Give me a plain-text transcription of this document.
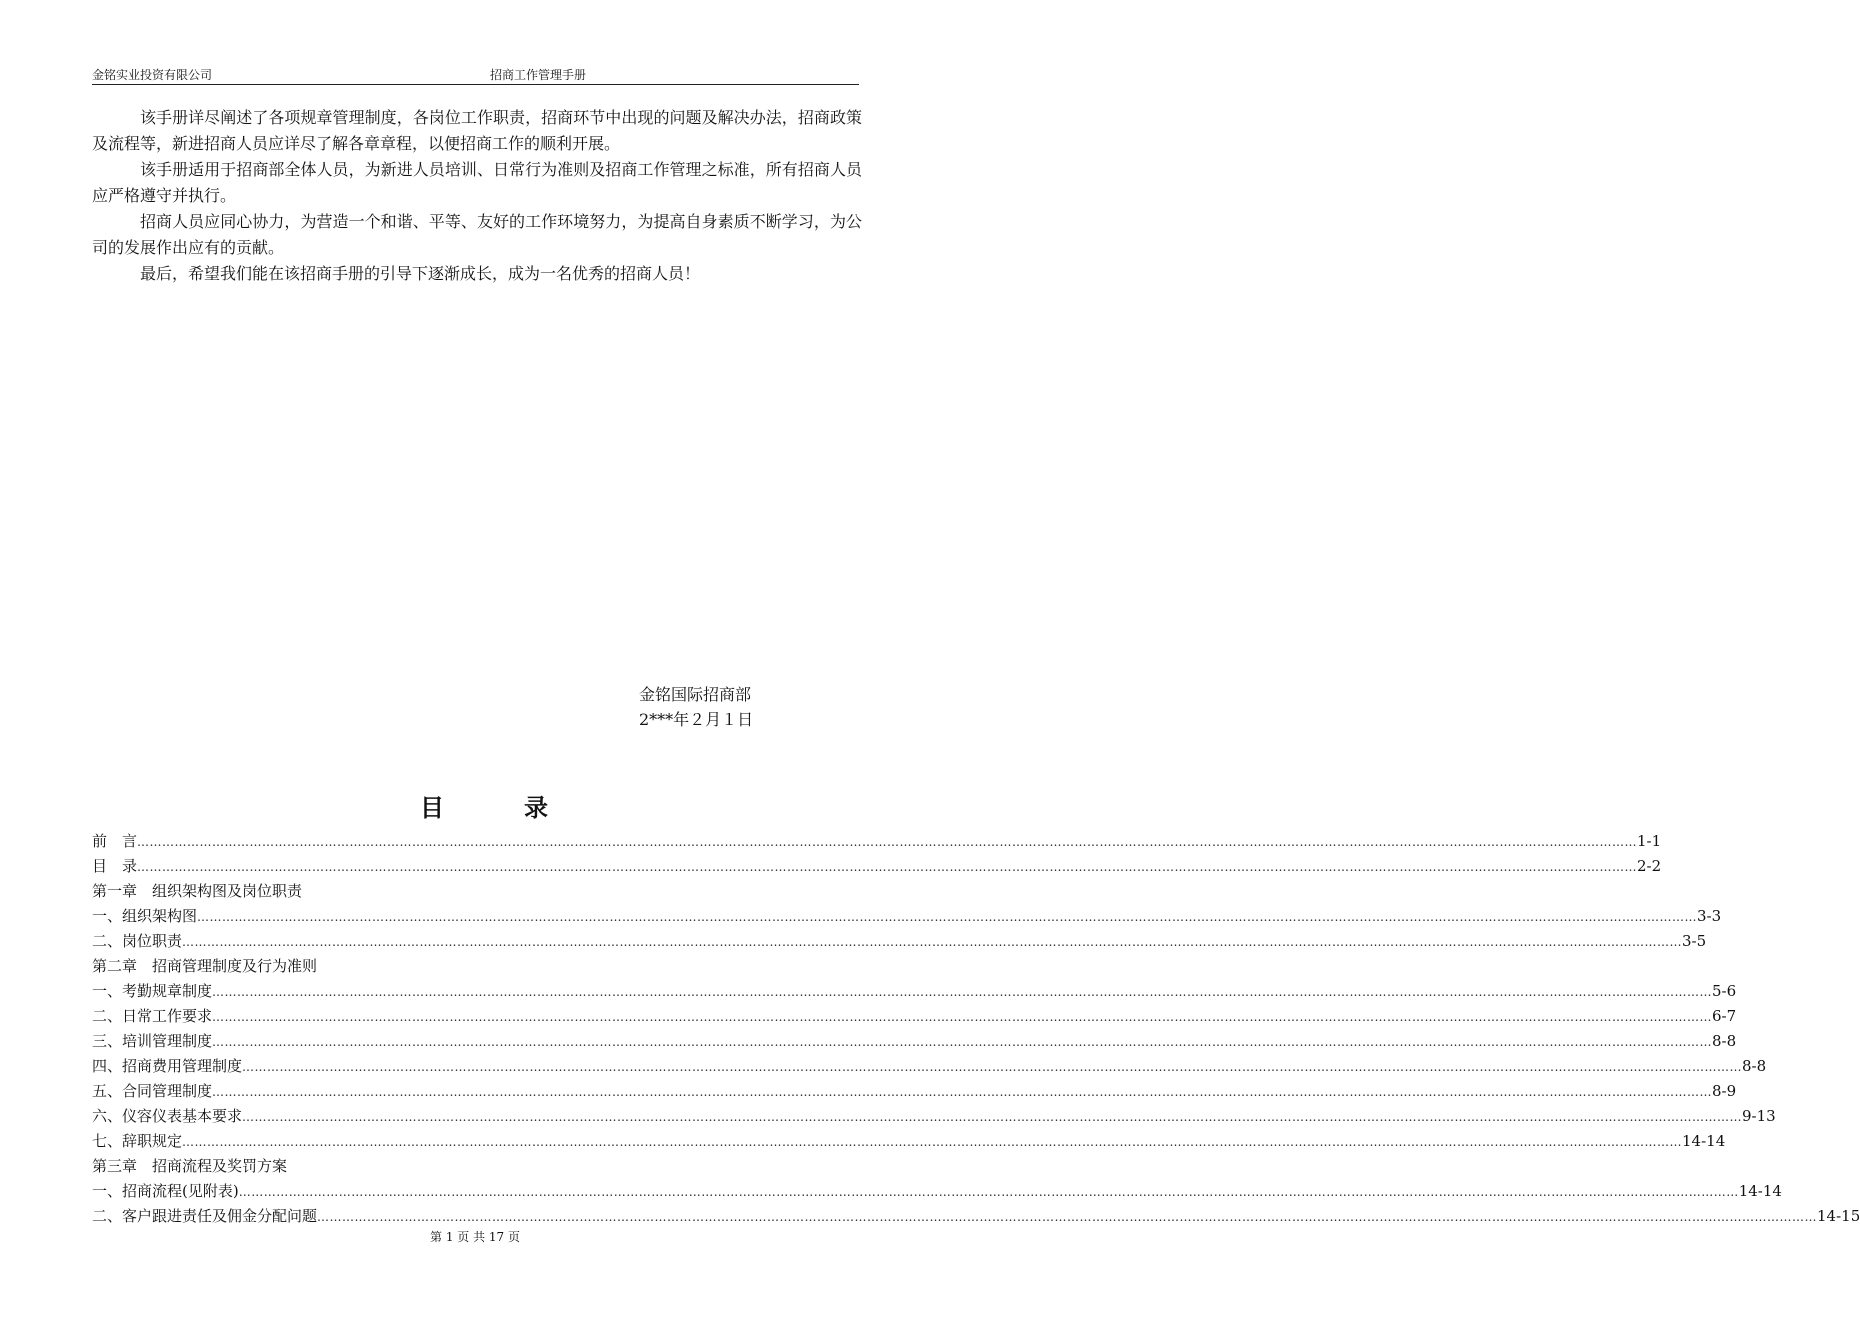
金铭实业投资有限公司	招商工作管理手册

该手册详尽阐述了各项规章管理制度，各岗位工作职责，招商环节中出现的问题及解决办法，招商政策及流程等，新进招商人员应详尽了解各章章程，以便招商工作的顺利开展。

该手册适用于招商部全体人员，为新进人员培训、日常行为准则及招商工作管理之标准，所有招商人员应严格遵守并执行。

招商人员应同心协力，为营造一个和谐、平等、友好的工作环境努力，为提高自身素质不断学习，为公司的发展作出应有的贡献。

最后，希望我们能在该招商手册的引导下逐渐成长，成为一名优秀的招商人员！

金铭国际招商部
2***年２月１日
目　录
前　言 ……………………………………………………………………………………………………………………………………………………………………………………………………………………………………………………………………………………………………………………………… 1-1
目　录 ……………………………………………………………………………………………………………………………………………………………………………………………………………………………………………………………………………………………………………………………… 2-2
第一章　组织架构图及岗位职责
一、组织架构图 ……………………………………………………………………………………………………………………………………………………………………………………………………………………………………………………………………………………………………………………………… 3-3
二、岗位职责 ……………………………………………………………………………………………………………………………………………………………………………………………………………………………………………………………………………………………………………………………… 3-5
第二章　招商管理制度及行为准则
一、考勤规章制度 ……………………………………………………………………………………………………………………………………………………………………………………………………………………………………………………………………………………………………………………………… 5-6
二、日常工作要求 ……………………………………………………………………………………………………………………………………………………………………………………………………………………………………………………………………………………………………………………………… 6-7
三、培训管理制度 ……………………………………………………………………………………………………………………………………………………………………………………………………………………………………………………………………………………………………………………………… 8-8
四、招商费用管理制度 ……………………………………………………………………………………………………………………………………………………………………………………………………………………………………………………………………………………………………………………………… 8-8
五、合同管理制度 ……………………………………………………………………………………………………………………………………………………………………………………………………………………………………………………………………………………………………………………………… 8-9
六、仪容仪表基本要求 ……………………………………………………………………………………………………………………………………………………………………………………………………………………………………………………………………………………………………………………………… 9-13
七、辞职规定 ……………………………………………………………………………………………………………………………………………………………………………………………………………………………………………………………………………………………………………………………… 14-14
第三章　招商流程及奖罚方案
一、招商流程(见附表) ……………………………………………………………………………………………………………………………………………………………………………………………………………………………………………………………………………………………………………………………… 14-14
二、客户跟进责任及佣金分配问题 ……………………………………………………………………………………………………………………………………………………………………………………………………………………………………………………………………………………………………………………………… 14-15
第 1 页 共 17 页
